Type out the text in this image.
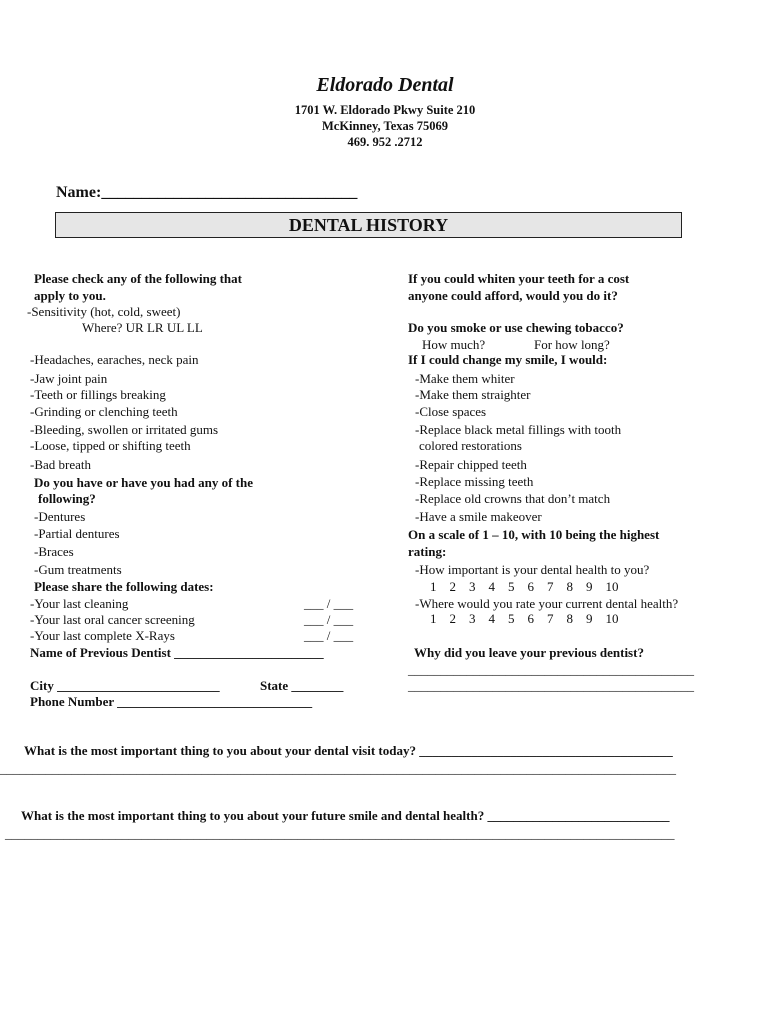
Eldorado Dental
1701 W. Eldorado Pkwy Suite 210
McKinney, Texas 75069
469. 952 .2712
Name:________________________________
DENTAL HISTORY
Please check any of the following that
apply to you.
-Sensitivity (hot, cold, sweet)
Where? UR LR UL LL
-Headaches, earaches, neck pain
-Jaw joint pain
-Teeth or fillings breaking
-Grinding or clenching teeth
-Bleeding, swollen or irritated gums
-Loose, tipped or shifting teeth
-Bad breath
Do you have or have you had any of the
following?
-Dentures
-Partial dentures
-Braces
-Gum treatments
Please share the following dates:
-Your last cleaning	___ / ___
-Your last oral cancer screening	___ / ___
-Your last complete X-Rays	___ / ___
Name of Previous Dentist _______________________
City _________________________	State ________
Phone Number ______________________________
If you could whiten your teeth for a cost
anyone could afford, would you do it?
Do you smoke or use chewing tobacco?
How much?	For how long?
If I could change my smile, I would:
-Make them whiter
-Make them straighter
-Close spaces
-Replace black metal fillings with tooth
colored restorations
-Repair chipped teeth
-Replace missing teeth
-Replace old crowns that don’t match
-Have a smile makeover
On a scale of 1 – 10, with 10 being the highest
rating:
-How important is your dental health to you?
1    2    3    4    5    6    7    8    9    10
-Where would you rate your current dental health?
1    2    3    4    5    6    7    8    9    10
Why did you leave your previous dentist?
____________________________________________
____________________________________________
What is the most important thing to you about your dental visit today? _______________________________________
________________________________________________________________________________________________________
What is the most important thing to you about your future smile and dental health? ____________________________
_______________________________________________________________________________________________________
